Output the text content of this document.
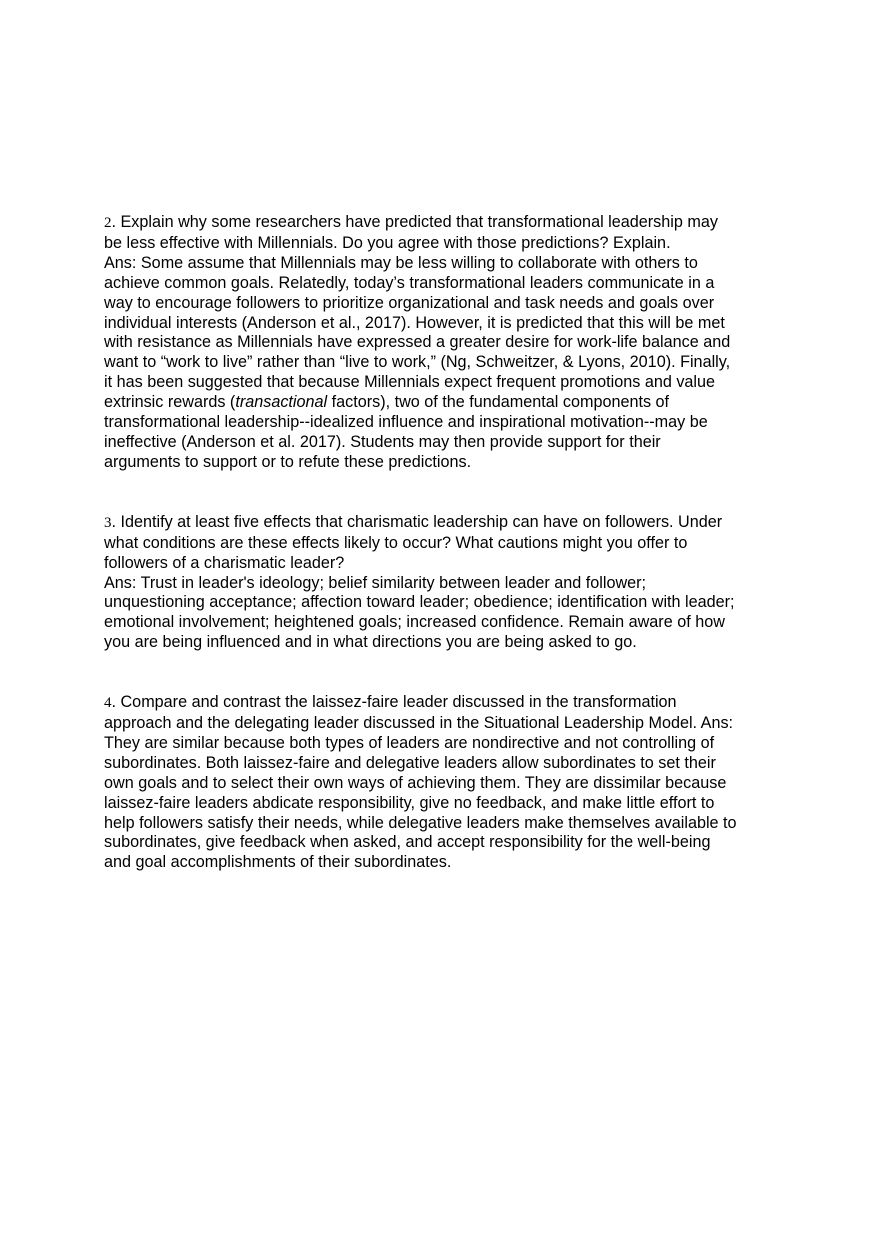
2. Explain why some researchers have predicted that transformational leadership may
be less effective with Millennials. Do you agree with those predictions? Explain.
Ans: Some assume that Millennials may be less willing to collaborate with others to
achieve common goals. Relatedly, today’s transformational leaders communicate in a
way to encourage followers to prioritize organizational and task needs and goals over
individual interests (Anderson et al., 2017). However, it is predicted that this will be met
with resistance as Millennials have expressed a greater desire for work-life balance and
want to “work to live” rather than “live to work,” (Ng, Schweitzer, & Lyons, 2010). Finally,
it has been suggested that because Millennials expect frequent promotions and value
extrinsic rewards (transactional factors), two of the fundamental components of
transformational leadership--idealized influence and inspirational motivation--may be
ineffective (Anderson et al. 2017). Students may then provide support for their
arguments to support or to refute these predictions.
3. Identify at least five effects that charismatic leadership can have on followers. Under
what conditions are these effects likely to occur? What cautions might you offer to
followers of a charismatic leader?
Ans: Trust in leader's ideology; belief similarity between leader and follower;
unquestioning acceptance; affection toward leader; obedience; identification with leader;
emotional involvement; heightened goals; increased confidence. Remain aware of how
you are being influenced and in what directions you are being asked to go.
4. Compare and contrast the laissez-faire leader discussed in the transformation
approach and the delegating leader discussed in the Situational Leadership Model. Ans:
They are similar because both types of leaders are nondirective and not controlling of
subordinates. Both laissez-faire and delegative leaders allow subordinates to set their
own goals and to select their own ways of achieving them. They are dissimilar because
laissez-faire leaders abdicate responsibility, give no feedback, and make little effort to
help followers satisfy their needs, while delegative leaders make themselves available to
subordinates, give feedback when asked, and accept responsibility for the well-being
and goal accomplishments of their subordinates.
